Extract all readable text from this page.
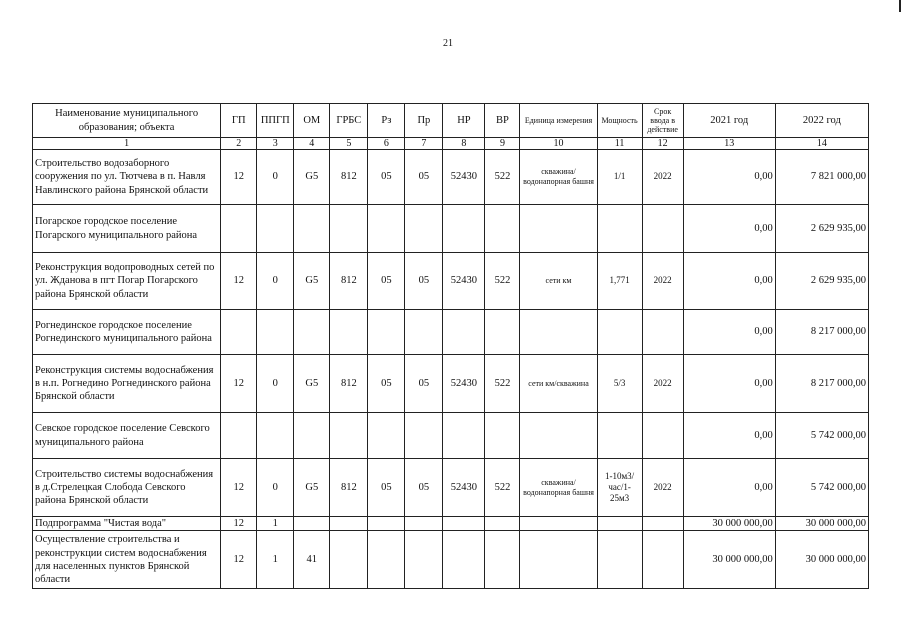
21
Наименование муниципального образования; объекта	ГП	ППГП	ОМ	ГРБС	Рз	Пр	НР	ВР	Единица измерения	Мощность	Срок ввода в действие	2021 год	2022 год
1	2	3	4	5	6	7	8	9	10	11	12	13	14
Строительство водозаборного сооружения по ул. Тютчева в п. Навля Навлинского района Брянской области	12	0	G5	812	05	05	52430	522	скважина/водонапорная башня	1/1	2022	0,00	7 821 000,00
Погарское городское поселение Погарского муниципального района												0,00	2 629 935,00
Реконструкция водопроводных сетей по ул. Жданова в пгт Погар Погарского района Брянской области	12	0	G5	812	05	05	52430	522	сети км	1,771	2022	0,00	2 629 935,00
Рогнединское городское поселение Рогнединского муниципального района												0,00	8 217 000,00
Реконструкция системы водоснабжения в н.п. Рогнедино Рогнединского района Брянской области	12	0	G5	812	05	05	52430	522	сети км/скважина	5/3	2022	0,00	8 217 000,00
Севское городское поселение Севского муниципального района												0,00	5 742 000,00
Строительство системы водоснабжения в д.Стрелецкая Слобода Севского района Брянской области	12	0	G5	812	05	05	52430	522	скважина/водонапорная башня	1-10м3/час/1-25м3	2022	0,00	5 742 000,00
Подпрограмма "Чистая вода"	12	1										30 000 000,00	30 000 000,00
Осуществление строительства и реконструкции систем водоснабжения для населенных пунктов Брянской области	12	1	41									30 000 000,00	30 000 000,00
